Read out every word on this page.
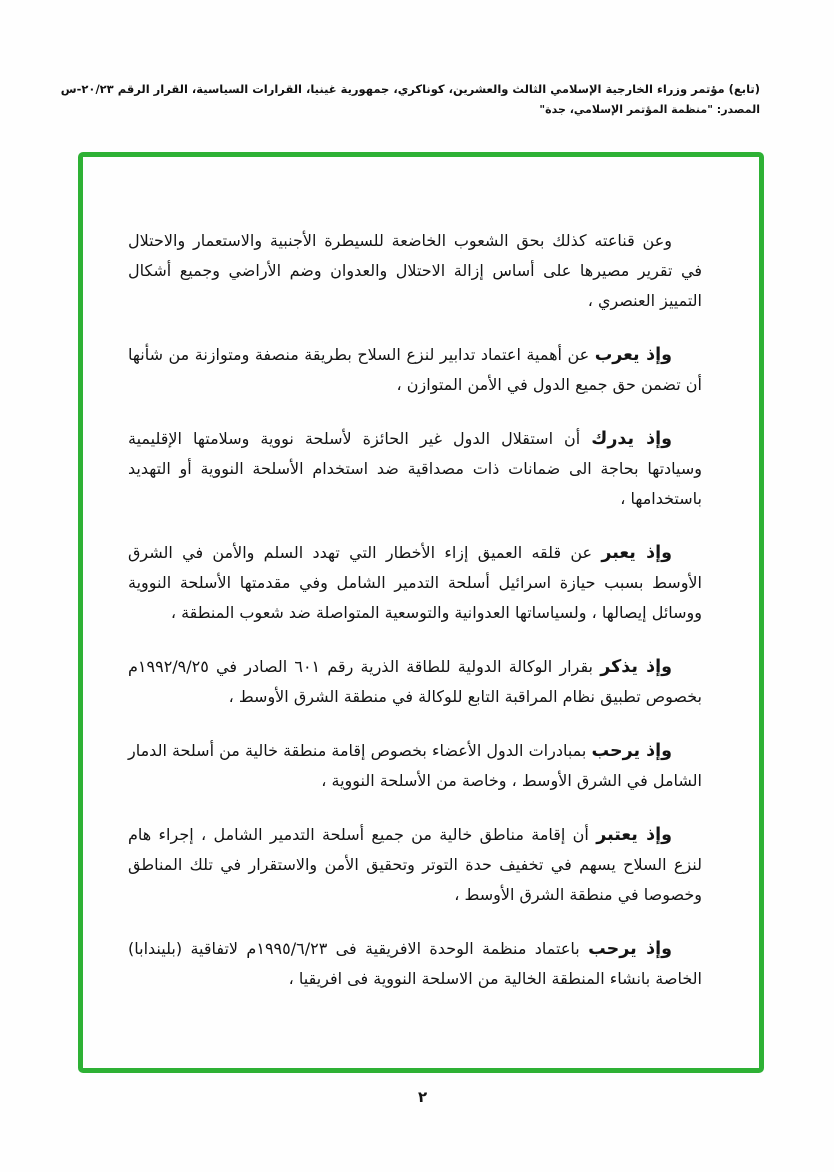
(تابع) مؤتمر وزراء الخارجية الإسلامي الثالث والعشرين، كوناكري، جمهورية غينيا، القرارات السياسية، القرار الرقم ٢٠/٢٣-س
المصدر: "منظمة المؤتمر الإسلامي، جدة"

وعن قناعته كذلك بحق الشعوب الخاضعة للسيطرة الأجنبية والاستعمار والاحتلال في تقرير مصيرها على أساس إزالة الاحتلال والعدوان وضم الأراضي وجميع أشكال التمييز العنصري ،

وإذ يعرب عن أهمية اعتماد تدابير لنزع السلاح بطريقة منصفة ومتوازنة من شأنها أن تضمن حق جميع الدول في الأمن المتوازن ،

وإذ يدرك أن استقلال الدول غير الحائزة لأسلحة نووية وسلامتها الإقليمية وسيادتها بحاجة الى ضمانات ذات مصداقية ضد استخدام الأسلحة النووية أو التهديد باستخدامها ،

وإذ يعبر عن قلقه العميق إزاء الأخطار التي تهدد السلم والأمن في الشرق الأوسط بسبب حيازة اسرائيل أسلحة التدمير الشامل وفي مقدمتها الأسلحة النووية ووسائل إيصالها ، ولسياساتها العدوانية والتوسعية المتواصلة ضد شعوب المنطقة ،

وإذ يذكر بقرار الوكالة الدولية للطاقة الذرية رقم ٦٠١ الصادر في ١٩٩٢/٩/٢٥م بخصوص تطبيق نظام المراقبة التابع للوكالة في منطقة الشرق الأوسط ،

وإذ يرحب بمبادرات الدول الأعضاء بخصوص إقامة منطقة خالية من أسلحة الدمار الشامل في الشرق الأوسط ، وخاصة من الأسلحة النووية ،

وإذ يعتبر أن إقامة مناطق خالية من جميع أسلحة التدمير الشامل ، إجراء هام لنزع السلاح يسهم في تخفيف حدة التوتر وتحقيق الأمن والاستقرار في تلك المناطق وخصوصا في منطقة الشرق الأوسط ،

وإذ يرحب باعتماد منظمة الوحدة الافريقية فى ١٩٩٥/٦/٢٣م لاتفاقية (بليندابا) الخاصة بانشاء المنطقة الخالية من الاسلحة النووية فى افريقيا ،

٢
